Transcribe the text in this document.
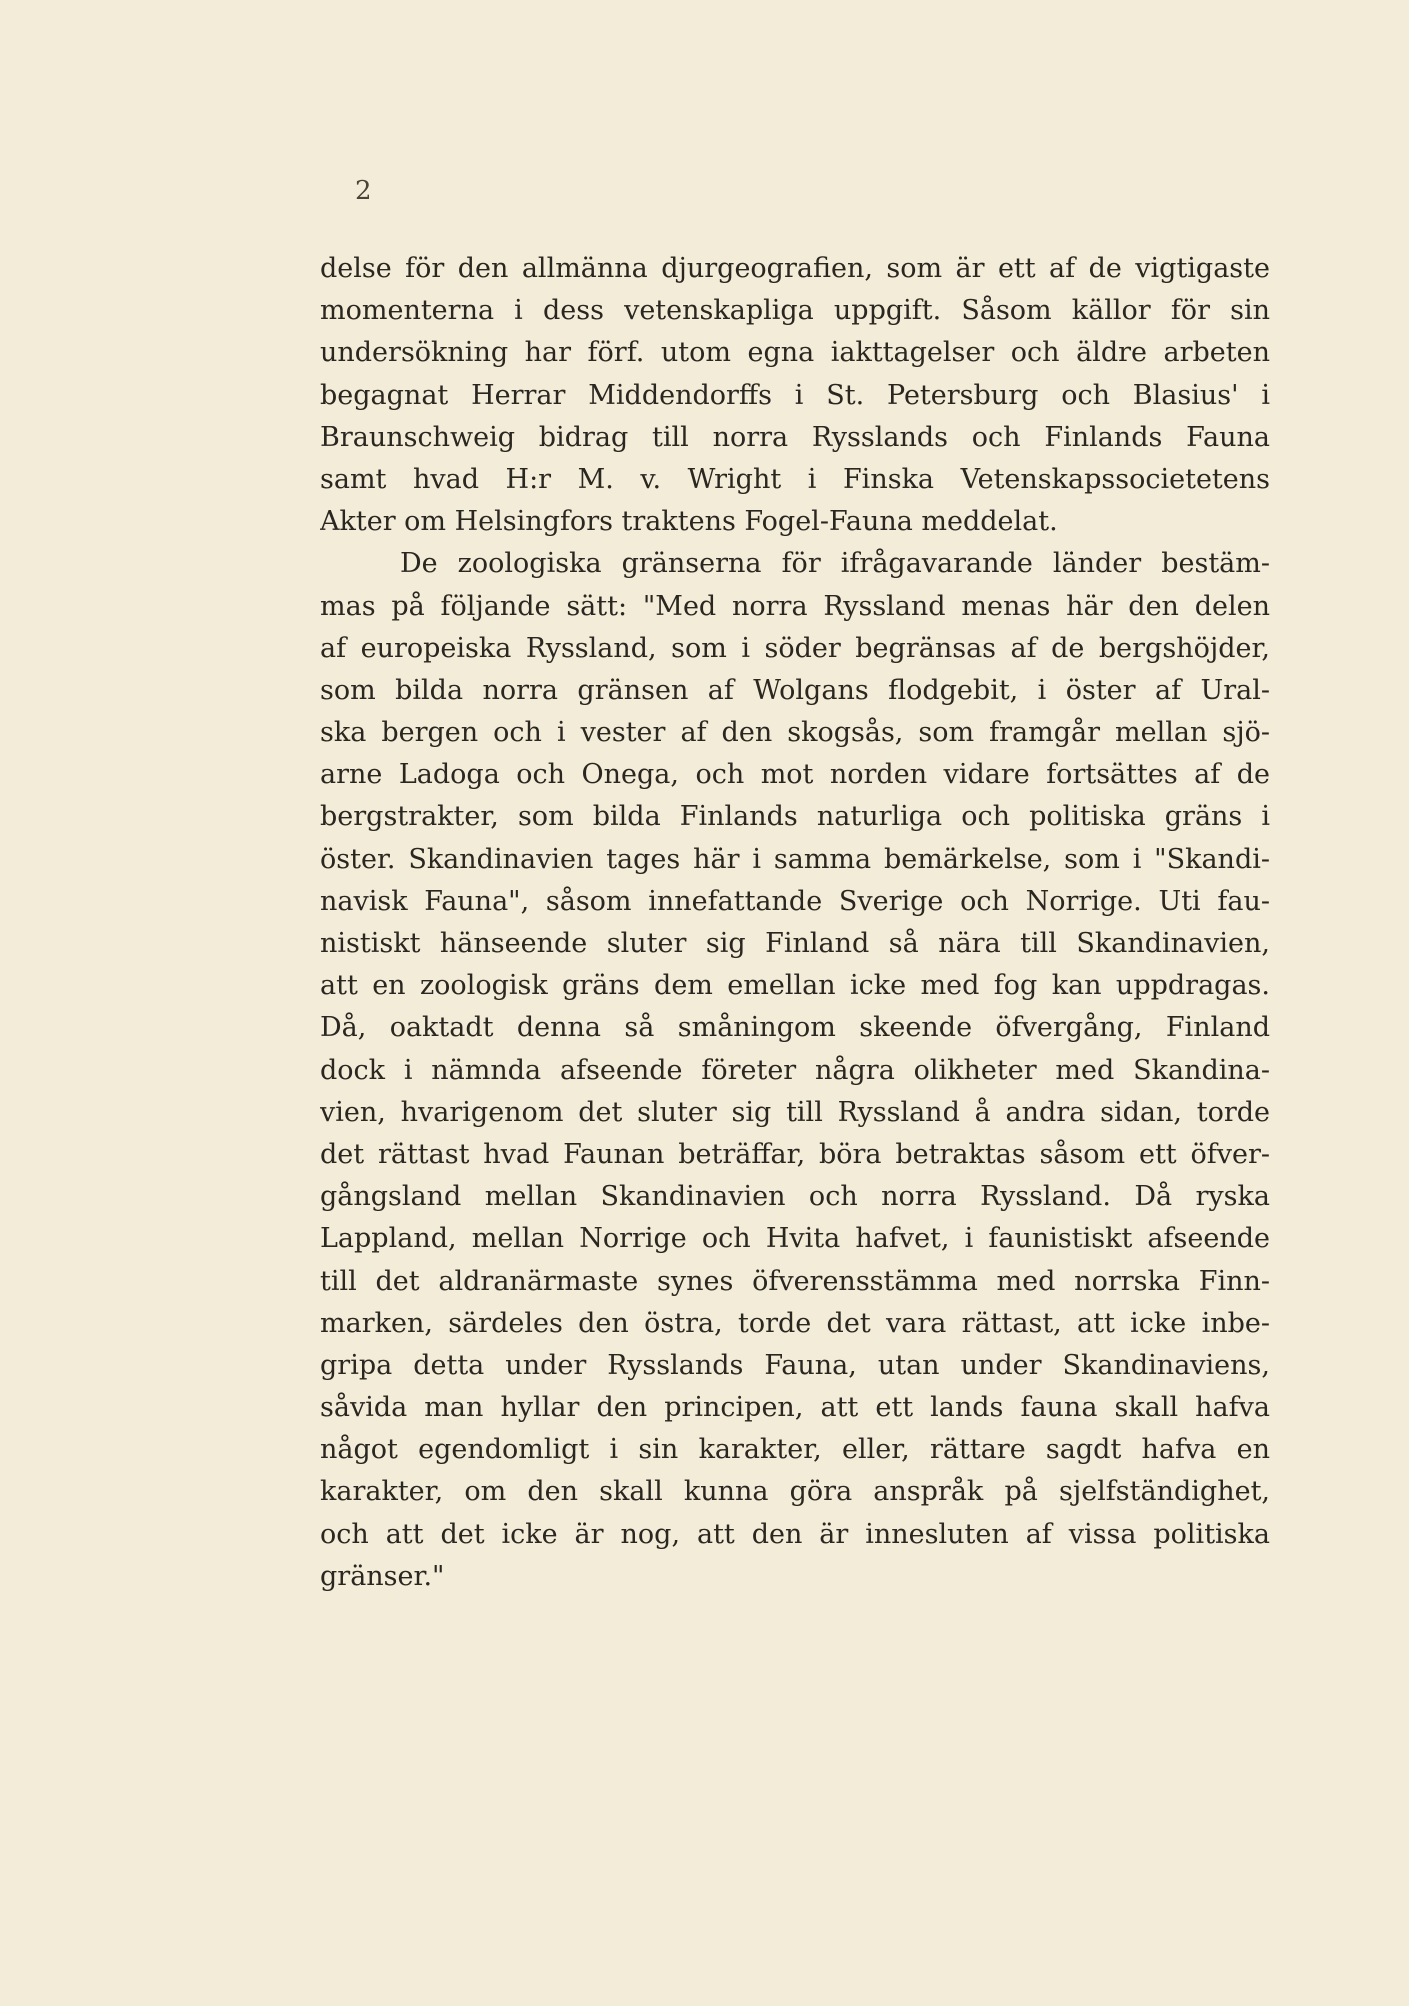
2
delse för den allmänna djurgeografien, som är ett af de vigtigaste
momenterna i dess vetenskapliga uppgift. Såsom källor för sin
undersökning har förf. utom egna iakttagelser och äldre arbeten
begagnat Herrar Middendorffs i St. Petersburg och Blasius' i
Braunschweig bidrag till norra Rysslands och Finlands Fauna
samt hvad H:r M. v. Wright i Finska Vetenskapssocietetens
Akter om Helsingfors traktens Fogel-Fauna meddelat.
De zoologiska gränserna för ifrågavarande länder bestäm-
mas på följande sätt: "Med norra Ryssland menas här den delen
af europeiska Ryssland, som i söder begränsas af de bergshöjder,
som bilda norra gränsen af Wolgans flodgebit, i öster af Ural-
ska bergen och i vester af den skogsås, som framgår mellan sjö-
arne Ladoga och Onega, och mot norden vidare fortsättes af de
bergstrakter, som bilda Finlands naturliga och politiska gräns i
öster. Skandinavien tages här i samma bemärkelse, som i "Skandi-
navisk Fauna", såsom innefattande Sverige och Norrige. Uti fau-
nistiskt hänseende sluter sig Finland så nära till Skandinavien,
att en zoologisk gräns dem emellan icke med fog kan uppdragas.
Då, oaktadt denna så småningom skeende öfvergång, Finland
dock i nämnda afseende företer några olikheter med Skandina-
vien, hvarigenom det sluter sig till Ryssland å andra sidan, torde
det rättast hvad Faunan beträffar, böra betraktas såsom ett öfver-
gångsland mellan Skandinavien och norra Ryssland. Då ryska
Lappland, mellan Norrige och Hvita hafvet, i faunistiskt afseende
till det aldranärmaste synes öfverensstämma med norrska Finn-
marken, särdeles den östra, torde det vara rättast, att icke inbe-
gripa detta under Rysslands Fauna, utan under Skandinaviens,
såvida man hyllar den principen, att ett lands fauna skall hafva
något egendomligt i sin karakter, eller, rättare sagdt hafva en
karakter, om den skall kunna göra anspråk på sjelfständighet,
och att det icke är nog, att den är innesluten af vissa politiska
gränser."
